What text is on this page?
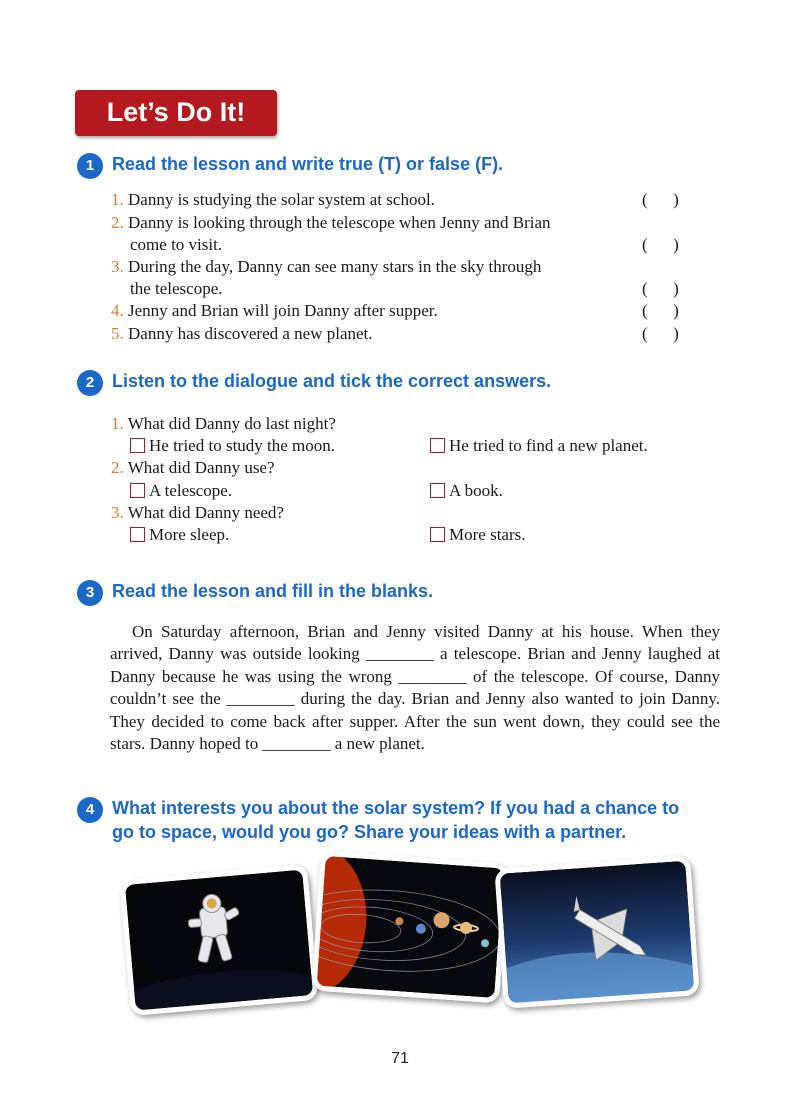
Let’s Do It!
1 Read the lesson and write true (T) or false (F).
1. Danny is studying the solar system at school.	(      )
2. Danny is looking through the telescope when Jenny and Brian
come to visit.	(      )
3. During the day, Danny can see many stars in the sky through
the telescope.	(      )
4. Jenny and Brian will join Danny after supper.	(      )
5. Danny has discovered a new planet.	(      )
2 Listen to the dialogue and tick the correct answers.
1. What did Danny do last night?
He tried to study the moon.	He tried to find a new planet.
2. What did Danny use?
A telescope.	A book.
3. What did Danny need?
More sleep.	More stars.
3 Read the lesson and fill in the blanks.

On Saturday afternoon, Brian and Jenny visited Danny at his house. When they arrived, Danny was outside looking ________ a telescope. Brian and Jenny laughed at Danny because he was using the wrong ________ of the telescope. Of course, Danny couldn’t see the ________ during the day. Brian and Jenny also wanted to join Danny. They decided to come back after supper. After the sun went down, they could see the stars. Danny hoped to ________ a new planet.

4 What interests you about the solar system? If you had a chance to
go to space, would you go? Share your ideas with a partner.
71
